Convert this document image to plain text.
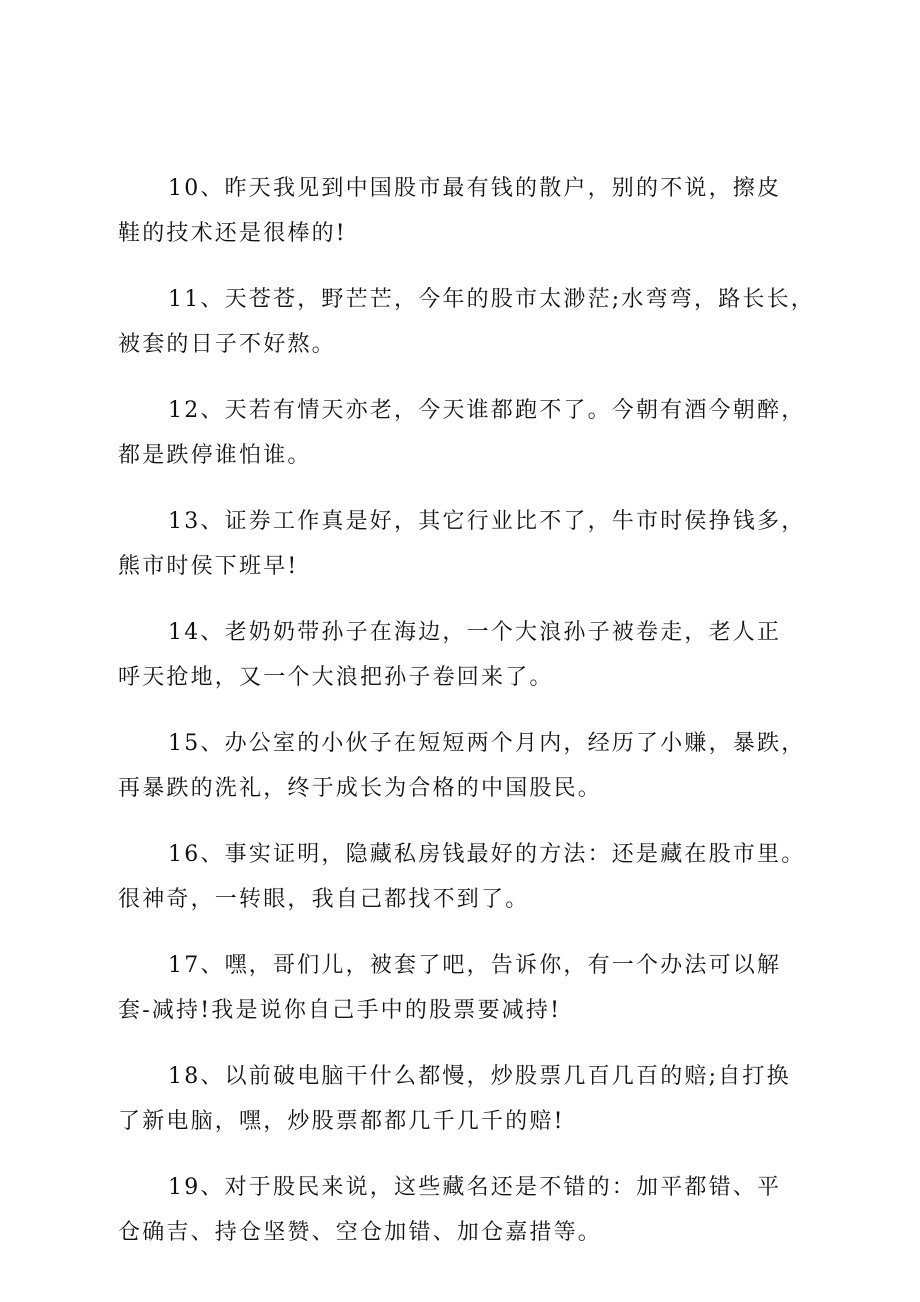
10、昨天我见到中国股市最有钱的散户，别的不说，擦皮
鞋的技术还是很棒的!
11、天苍苍，野芒芒，今年的股市太渺茫;水弯弯，路长长，
被套的日子不好熬。
12、天若有情天亦老，今天谁都跑不了。今朝有酒今朝醉，
都是跌停谁怕谁。
13、证券工作真是好，其它行业比不了，牛市时侯挣钱多，
熊市时侯下班早!
14、老奶奶带孙子在海边，一个大浪孙子被卷走，老人正
呼天抢地，又一个大浪把孙子卷回来了。
15、办公室的小伙子在短短两个月内，经历了小赚，暴跌，
再暴跌的洗礼，终于成长为合格的中国股民。
16、事实证明，隐藏私房钱最好的方法：还是藏在股市里。
很神奇，一转眼，我自己都找不到了。
17、嘿，哥们儿，被套了吧，告诉你，有一个办法可以解
套-减持!我是说你自己手中的股票要减持!
18、以前破电脑干什么都慢，炒股票几百几百的赔;自打换
了新电脑，嘿，炒股票都都几千几千的赔!
19、对于股民来说，这些藏名还是不错的：加平都错、平
仓确吉、持仓坚赞、空仓加错、加仓嘉措等。
